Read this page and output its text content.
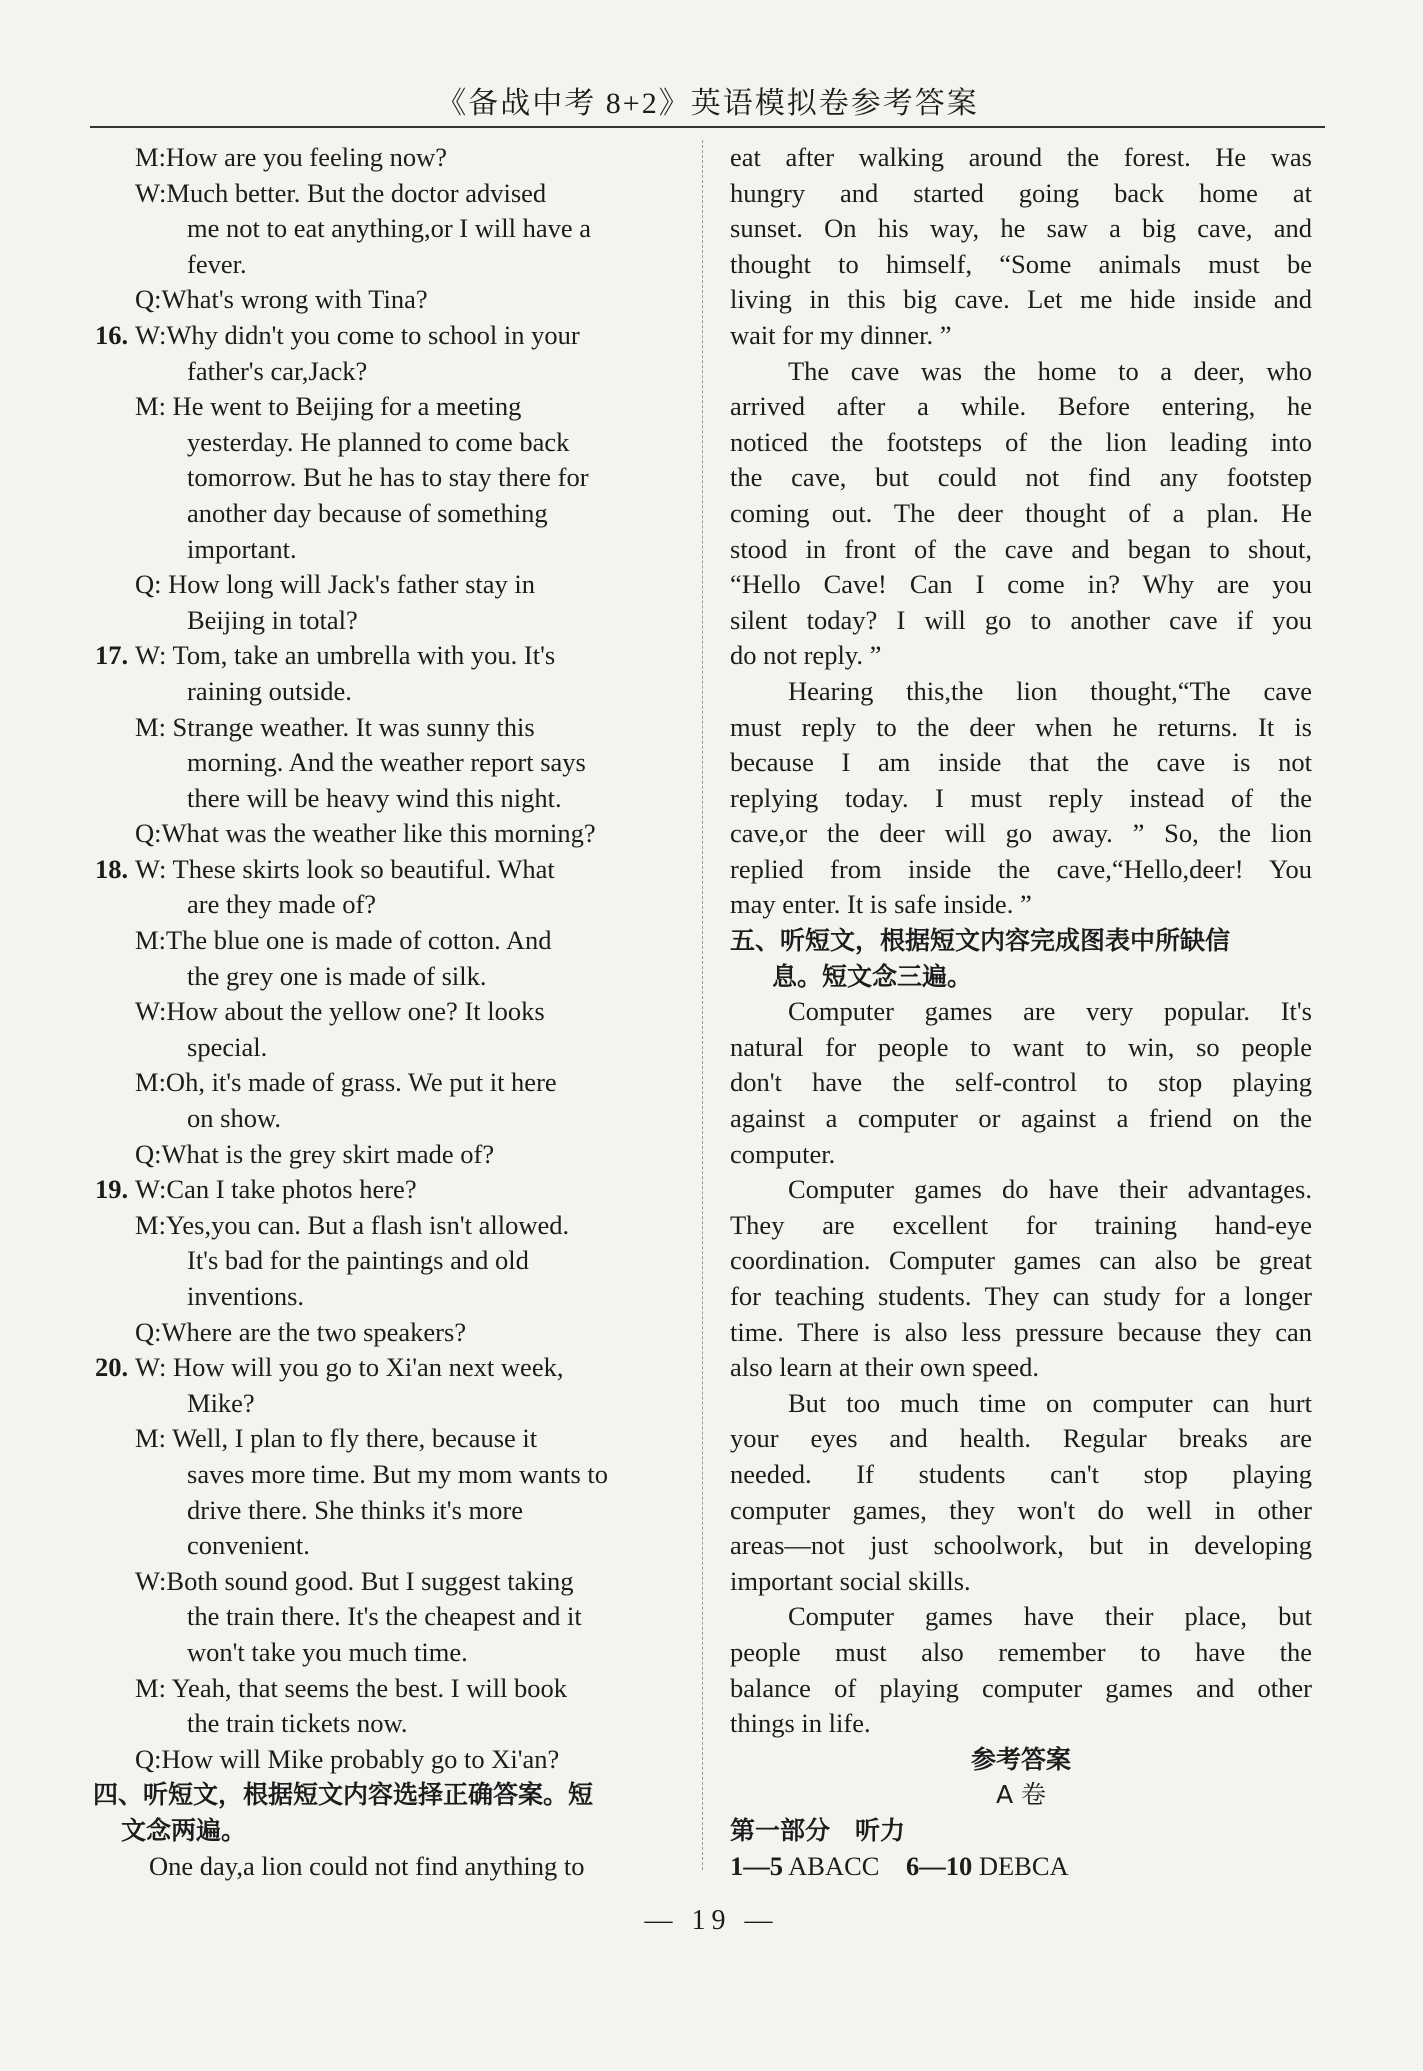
《备战中考 8+2》英语模拟卷参考答案
M:How are you feeling now?
W:Much better. But the doctor advised
me not to eat anything,or I will have a
fever.
Q:What's wrong with Tina?
16. W:Why didn't you come to school in your
father's car,Jack?
M: He went to Beijing for a meeting
yesterday. He planned to come back
tomorrow. But he has to stay there for
another day because of something
important.
Q: How long will Jack's father stay in
Beijing in total?
17. W: Tom, take an umbrella with you. It's
raining outside.
M: Strange weather. It was sunny this
morning. And the weather report says
there will be heavy wind this night.
Q:What was the weather like this morning?
18. W: These skirts look so beautiful. What
are they made of?
M:The blue one is made of cotton. And
the grey one is made of silk.
W:How about the yellow one? It looks
special.
M:Oh, it's made of grass. We put it here
on show.
Q:What is the grey skirt made of?
19. W:Can I take photos here?
M:Yes,you can. But a flash isn't allowed.
It's bad for the paintings and old
inventions.
Q:Where are the two speakers?
20. W: How will you go to Xi'an next week,
Mike?
M: Well, I plan to fly there, because it
saves more time. But my mom wants to
drive there. She thinks it's more
convenient.
W:Both sound good. But I suggest taking
the train there. It's the cheapest and it
won't take you much time.
M: Yeah, that seems the best. I will book
the train tickets now.
Q:How will Mike probably go to Xi'an?
四、听短文，根据短文内容选择正确答案。短
文念两遍。
One day,a lion could not find anything to
eat after walking around the forest. He was
hungry and started going back home at
sunset. On his way, he saw a big cave, and
thought to himself, “Some animals must be
living in this big cave. Let me hide inside and
wait for my dinner. ”
The cave was the home to a deer, who
arrived after a while. Before entering, he
noticed the footsteps of the lion leading into
the cave, but could not find any footstep
coming out. The deer thought of a plan. He
stood in front of the cave and began to shout,
“Hello Cave! Can I come in? Why are you
silent today? I will go to another cave if you
do not reply. ”
Hearing this,the lion thought,“The cave
must reply to the deer when he returns. It is
because I am inside that the cave is not
replying today. I must reply instead of the
cave,or the deer will go away. ” So, the lion
replied from inside the cave,“Hello,deer! You
may enter. It is safe inside. ”
五、听短文，根据短文内容完成图表中所缺信
息。短文念三遍。
Computer games are very popular. It's
natural for people to want to win, so people
don't have the self-control to stop playing
against a computer or against a friend on the
computer.
Computer games do have their advantages.
They are excellent for training hand-eye
coordination. Computer games can also be great
for teaching students. They can study for a longer
time. There is also less pressure because they can
also learn at their own speed.
But too much time on computer can hurt
your eyes and health. Regular breaks are
needed. If students can't stop playing
computer games, they won't do well in other
areas—not just schoolwork, but in developing
important social skills.
Computer games have their place, but
people must also remember to have the
balance of playing computer games and other
things in life.
参考答案
A 卷
第一部分　听力
1—5 ABACC　6—10 DEBCA
— 19 —
